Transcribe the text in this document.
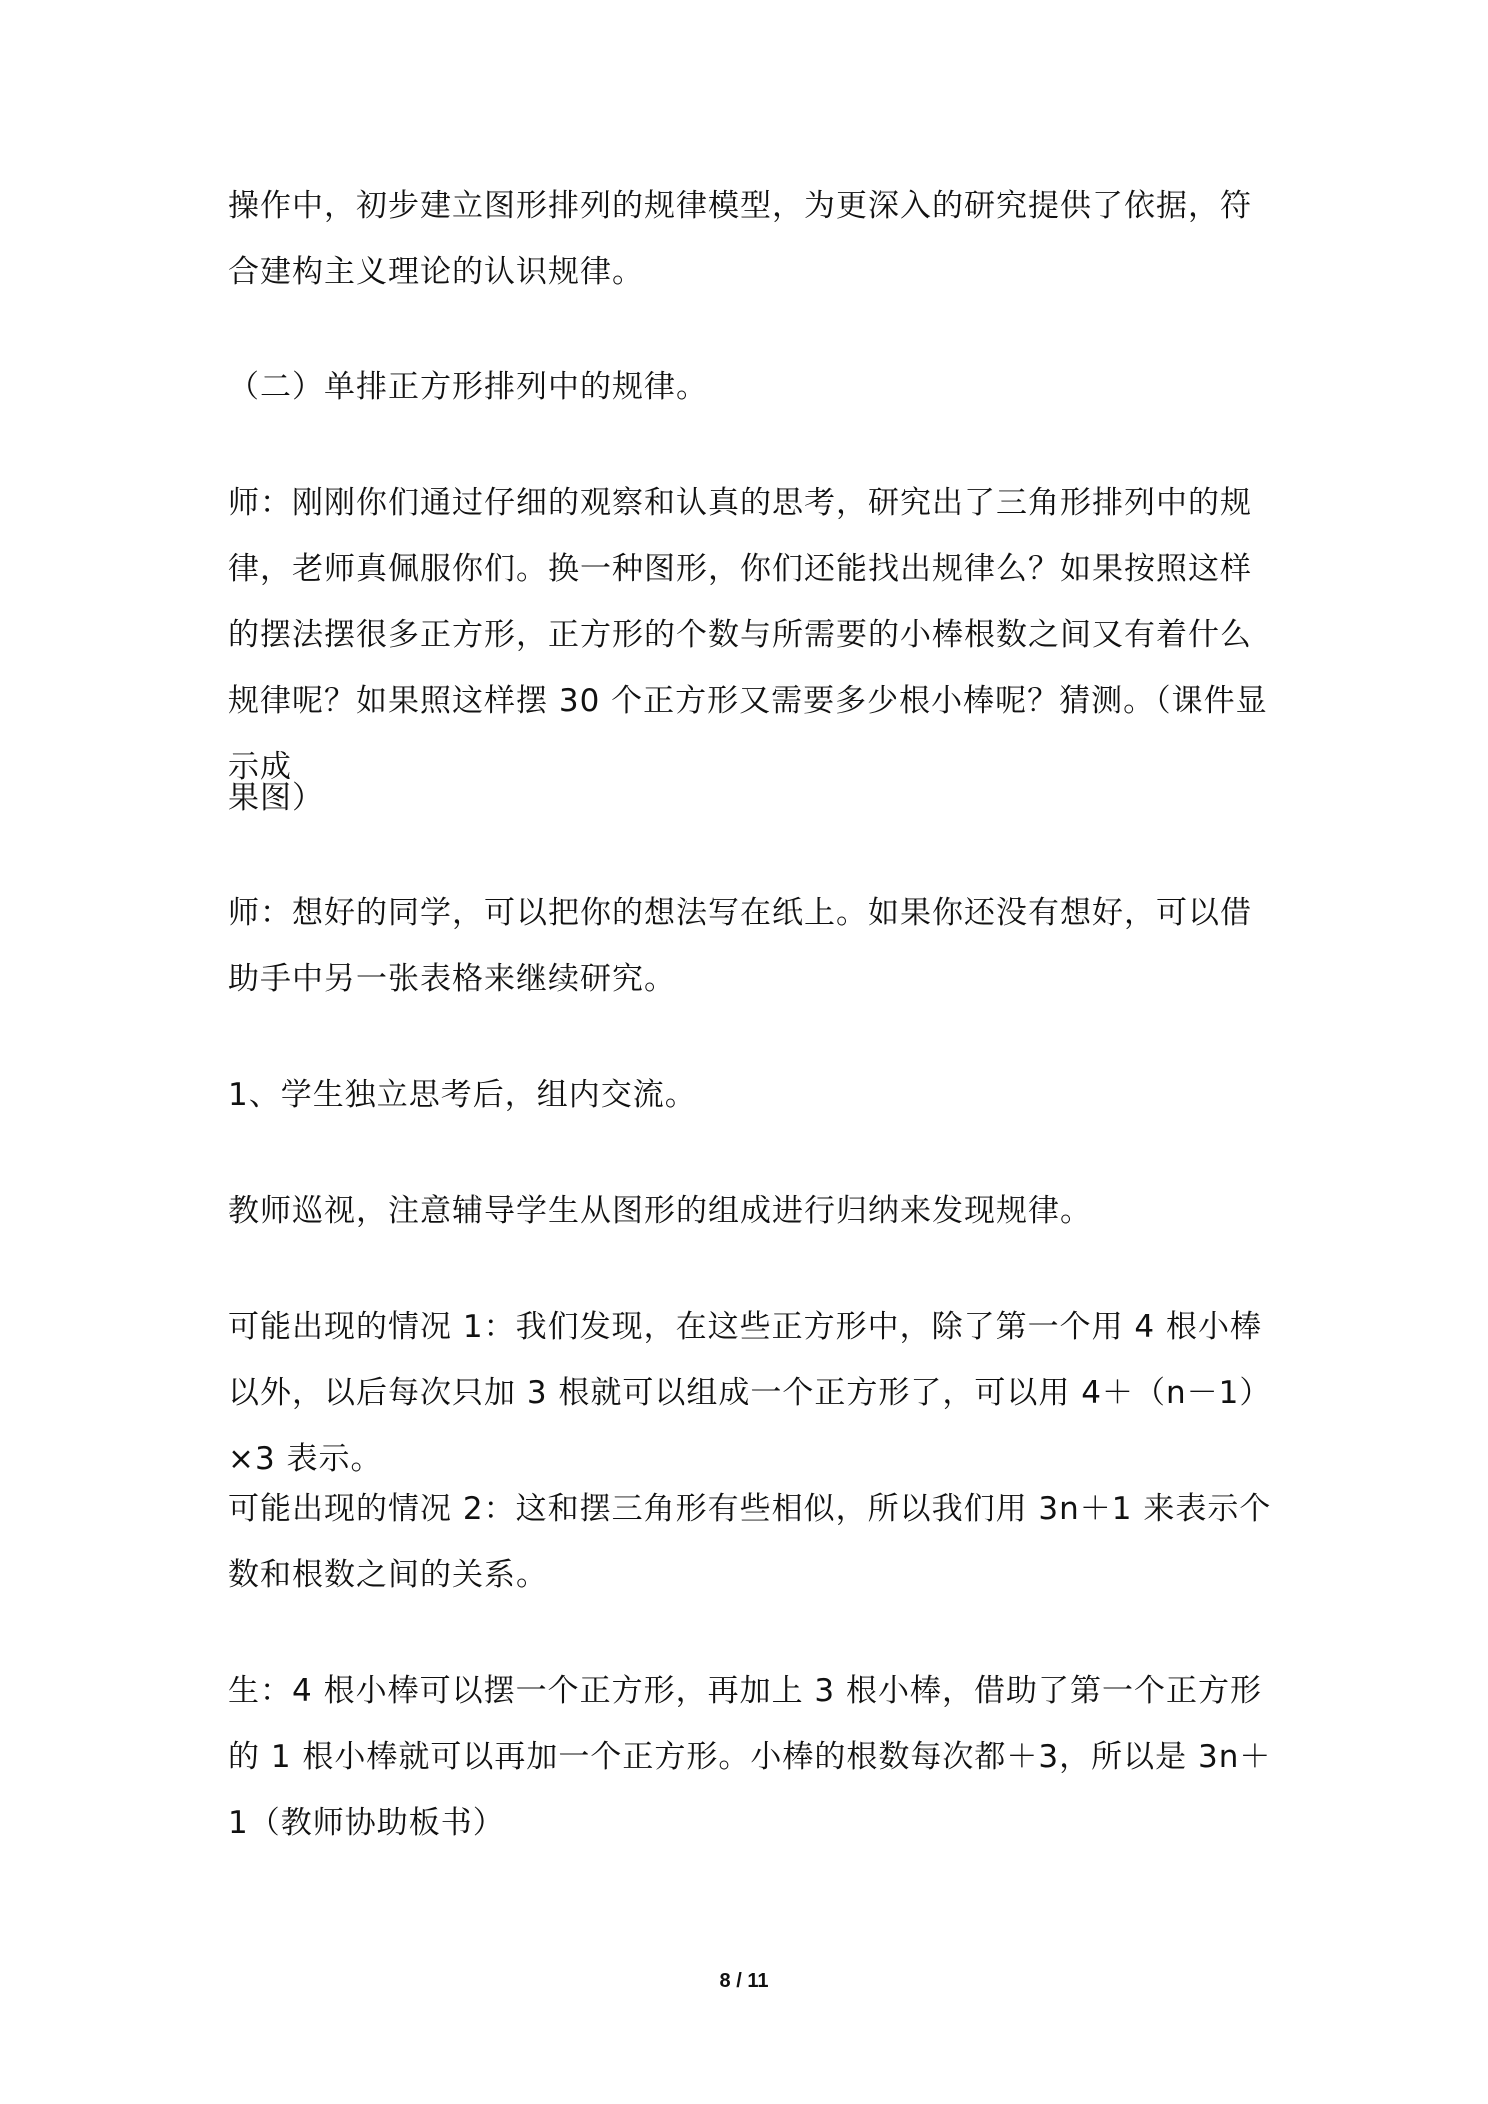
操作中，初步建立图形排列的规律模型，为更深入的研究提供了依据，符合建构主义理论的认识规律。

（二）单排正方形排列中的规律。

师：刚刚你们通过仔细的观察和认真的思考，研究出了三角形排列中的规律，老师真佩服你们。换一种图形，你们还能找出规律么？如果按照这样的摆法摆很多正方形，正方形的个数与所需要的小棒根数之间又有着什么规律呢？如果照这样摆 30 个正方形又需要多少根小棒呢？猜测。（课件显示成

果图）

师：想好的同学，可以把你的想法写在纸上。如果你还没有想好，可以借助手中另一张表格来继续研究。

1、学生独立思考后，组内交流。

教师巡视，注意辅导学生从图形的组成进行归纳来发现规律。

可能出现的情况 1：我们发现，在这些正方形中，除了第一个用 4 根小棒以外，以后每次只加 3 根就可以组成一个正方形了，可以用 4＋（n－1）×3 表示。

可能出现的情况 2：这和摆三角形有些相似，所以我们用 3n＋1 来表示个数和根数之间的关系。

生：4 根小棒可以摆一个正方形，再加上 3 根小棒，借助了第一个正方形的 1 根小棒就可以再加一个正方形。小棒的根数每次都＋3，所以是 3n＋1（教师协助板书）

8 / 11
